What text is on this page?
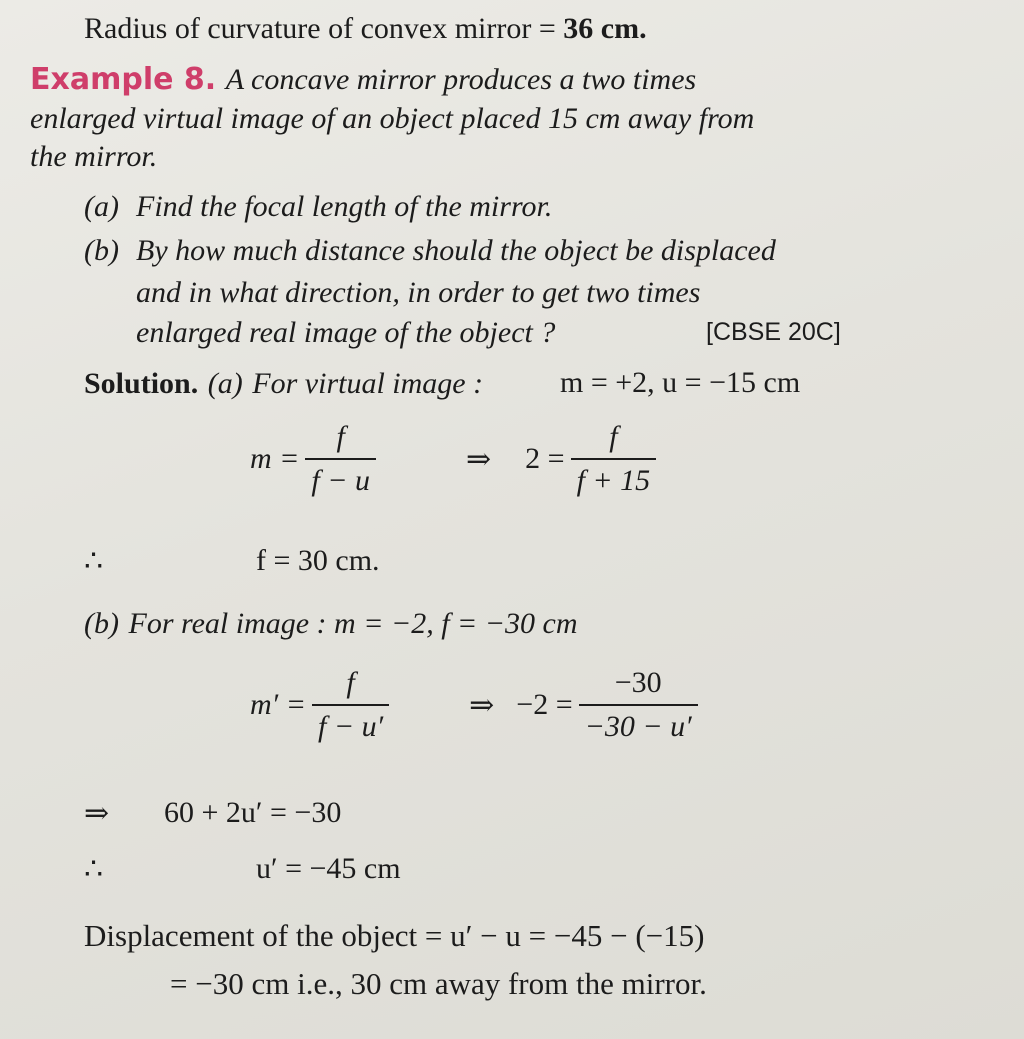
Radius of curvature of convex mirror = 36 cm.
Example 8. A concave mirror produces a two times
enlarged virtual image of an object placed 15 cm away from
the mirror.
(a) Find the focal length of the mirror.
(b) By how much distance should the object be displaced
and in what direction, in order to get two times
enlarged real image of the object ?	[CBSE 20C]
Solution. (a) For virtual image :	m = +2, u = −15 cm
$m = \frac{f}{f - u}$	⇒ $2 = \frac{f}{f + 15}$
∴	f = 30 cm.
(b) For real image : m = −2, f = −30 cm
$m' = \frac{f}{f - u'}$	⇒ $-2 = \frac{-30}{-30 - u'}$
⇒ 60 + 2u′ = −30
∴	u′ = −45 cm
Displacement of the object = u′ − u = −45 − (−15)
= −30 cm i.e., 30 cm away from the mirror.
